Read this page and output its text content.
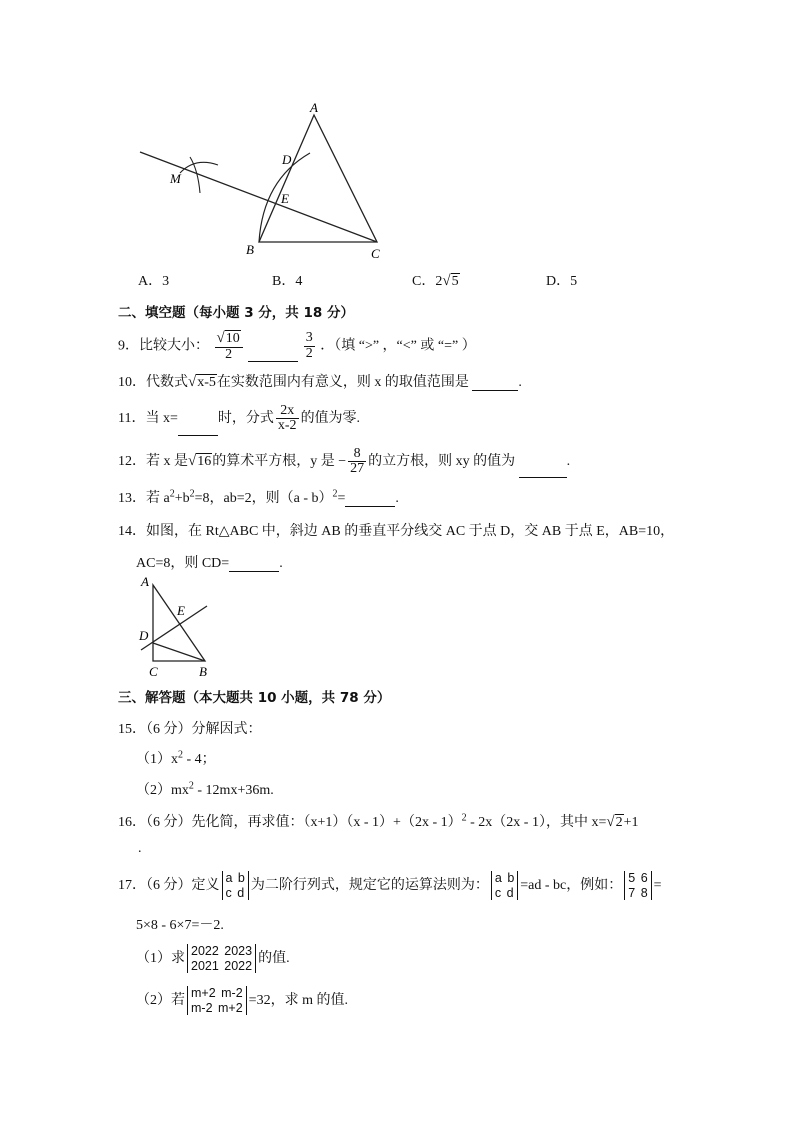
A
D
E
M
B	C
A．3	B．4	C．2√5	D．5
二、填空题（每小题 3 分，共 18 分）
9．比较大小： $\frac{√10}{2}$
	$\frac{3}{2}$ ．（填 “>” ，“<” 或 “=” ）
10．代数式√x-5在实数范围内有意义，则 x 的取值范围是	.
11．当 x=	时，分式 $\frac{2x}{x-2}$ 的值为零.
12．若 x 是√16的算术平方根，y 是 − $\frac{8}{27}$ 的立方根，则 xy 的值为	.
13．若 $a^2+b^2=8$，ab=2，则（a - b）$^2$=	.
14．如图，在 Rt△ABC 中，斜边 AB 的垂直平分线交 AC 于点 D，交 AB 于点 E，AB=10，
AC=8，则 CD=	.
A
E
D
C	B
三、解答题（本大题共 10 小题，共 78 分）
15．（6 分）分解因式：
$(1)x^2 - 4$；
$(2)mx^2 - 12mx+36m$.
16．（6 分）先化简，再求值：（x+1）（x - 1）+（2x - 1）$^2$ - 2x（2x - 1），其中 x=√2+1
.
17．（6 分）定义 a b
c d 为二阶行列式，规定它的运算法则为： a b
c d =ad - bc，例如： 5 6
7 8 =
5×8 - 6×7=－2.
（1）求 2022 2023
2021 2022 的值.
（2）若 m+2 m-2
m-2 m+2 =32，求 m 的值.
